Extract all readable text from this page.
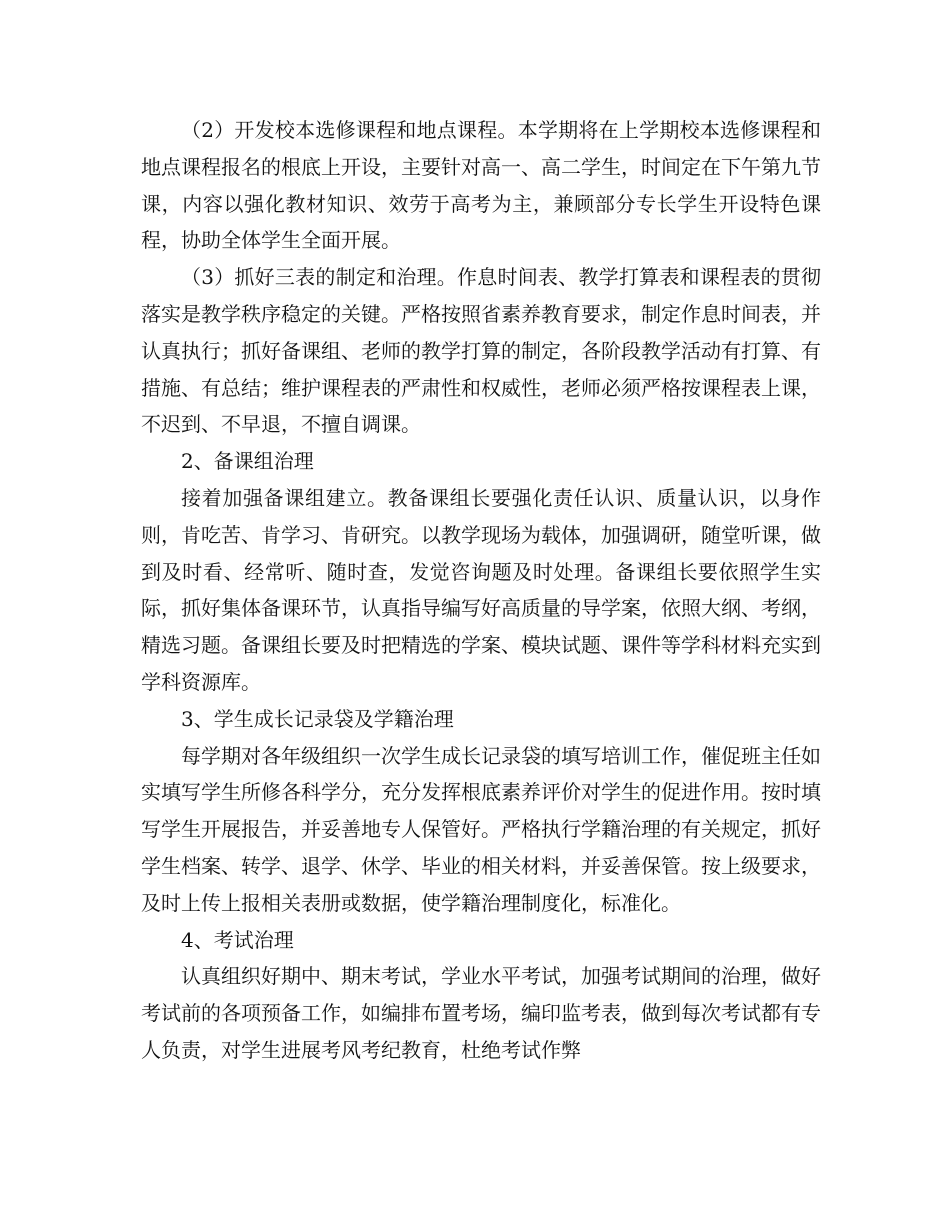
（2）开发校本选修课程和地点课程。本学期将在上学期校本选修课程和地点课程报名的根底上开设，主要针对高一、高二学生，时间定在下午第九节课，内容以强化教材知识、效劳于高考为主，兼顾部分专长学生开设特色课程，协助全体学生全面开展。

（3）抓好三表的制定和治理。作息时间表、教学打算表和课程表的贯彻落实是教学秩序稳定的关键。严格按照省素养教育要求，制定作息时间表，并认真执行；抓好备课组、老师的教学打算的制定，各阶段教学活动有打算、有措施、有总结；维护课程表的严肃性和权威性，老师必须严格按课程表上课，不迟到、不早退，不擅自调课。

2、备课组治理

接着加强备课组建立。教备课组长要强化责任认识、质量认识，以身作则，肯吃苦、肯学习、肯研究。以教学现场为载体，加强调研，随堂听课，做到及时看、经常听、随时查，发觉咨询题及时处理。备课组长要依照学生实际，抓好集体备课环节，认真指导编写好高质量的导学案，依照大纲、考纲，精选习题。备课组长要及时把精选的学案、模块试题、课件等学科材料充实到学科资源库。

3、学生成长记录袋及学籍治理

每学期对各年级组织一次学生成长记录袋的填写培训工作，催促班主任如实填写学生所修各科学分，充分发挥根底素养评价对学生的促进作用。按时填写学生开展报告，并妥善地专人保管好。严格执行学籍治理的有关规定，抓好学生档案、转学、退学、休学、毕业的相关材料，并妥善保管。按上级要求，及时上传上报相关表册或数据，使学籍治理制度化，标准化。

4、考试治理

认真组织好期中、期末考试，学业水平考试，加强考试期间的治理，做好考试前的各项预备工作，如编排布置考场，编印监考表，做到每次考试都有专人负责，对学生进展考风考纪教育，杜绝考试作弊
